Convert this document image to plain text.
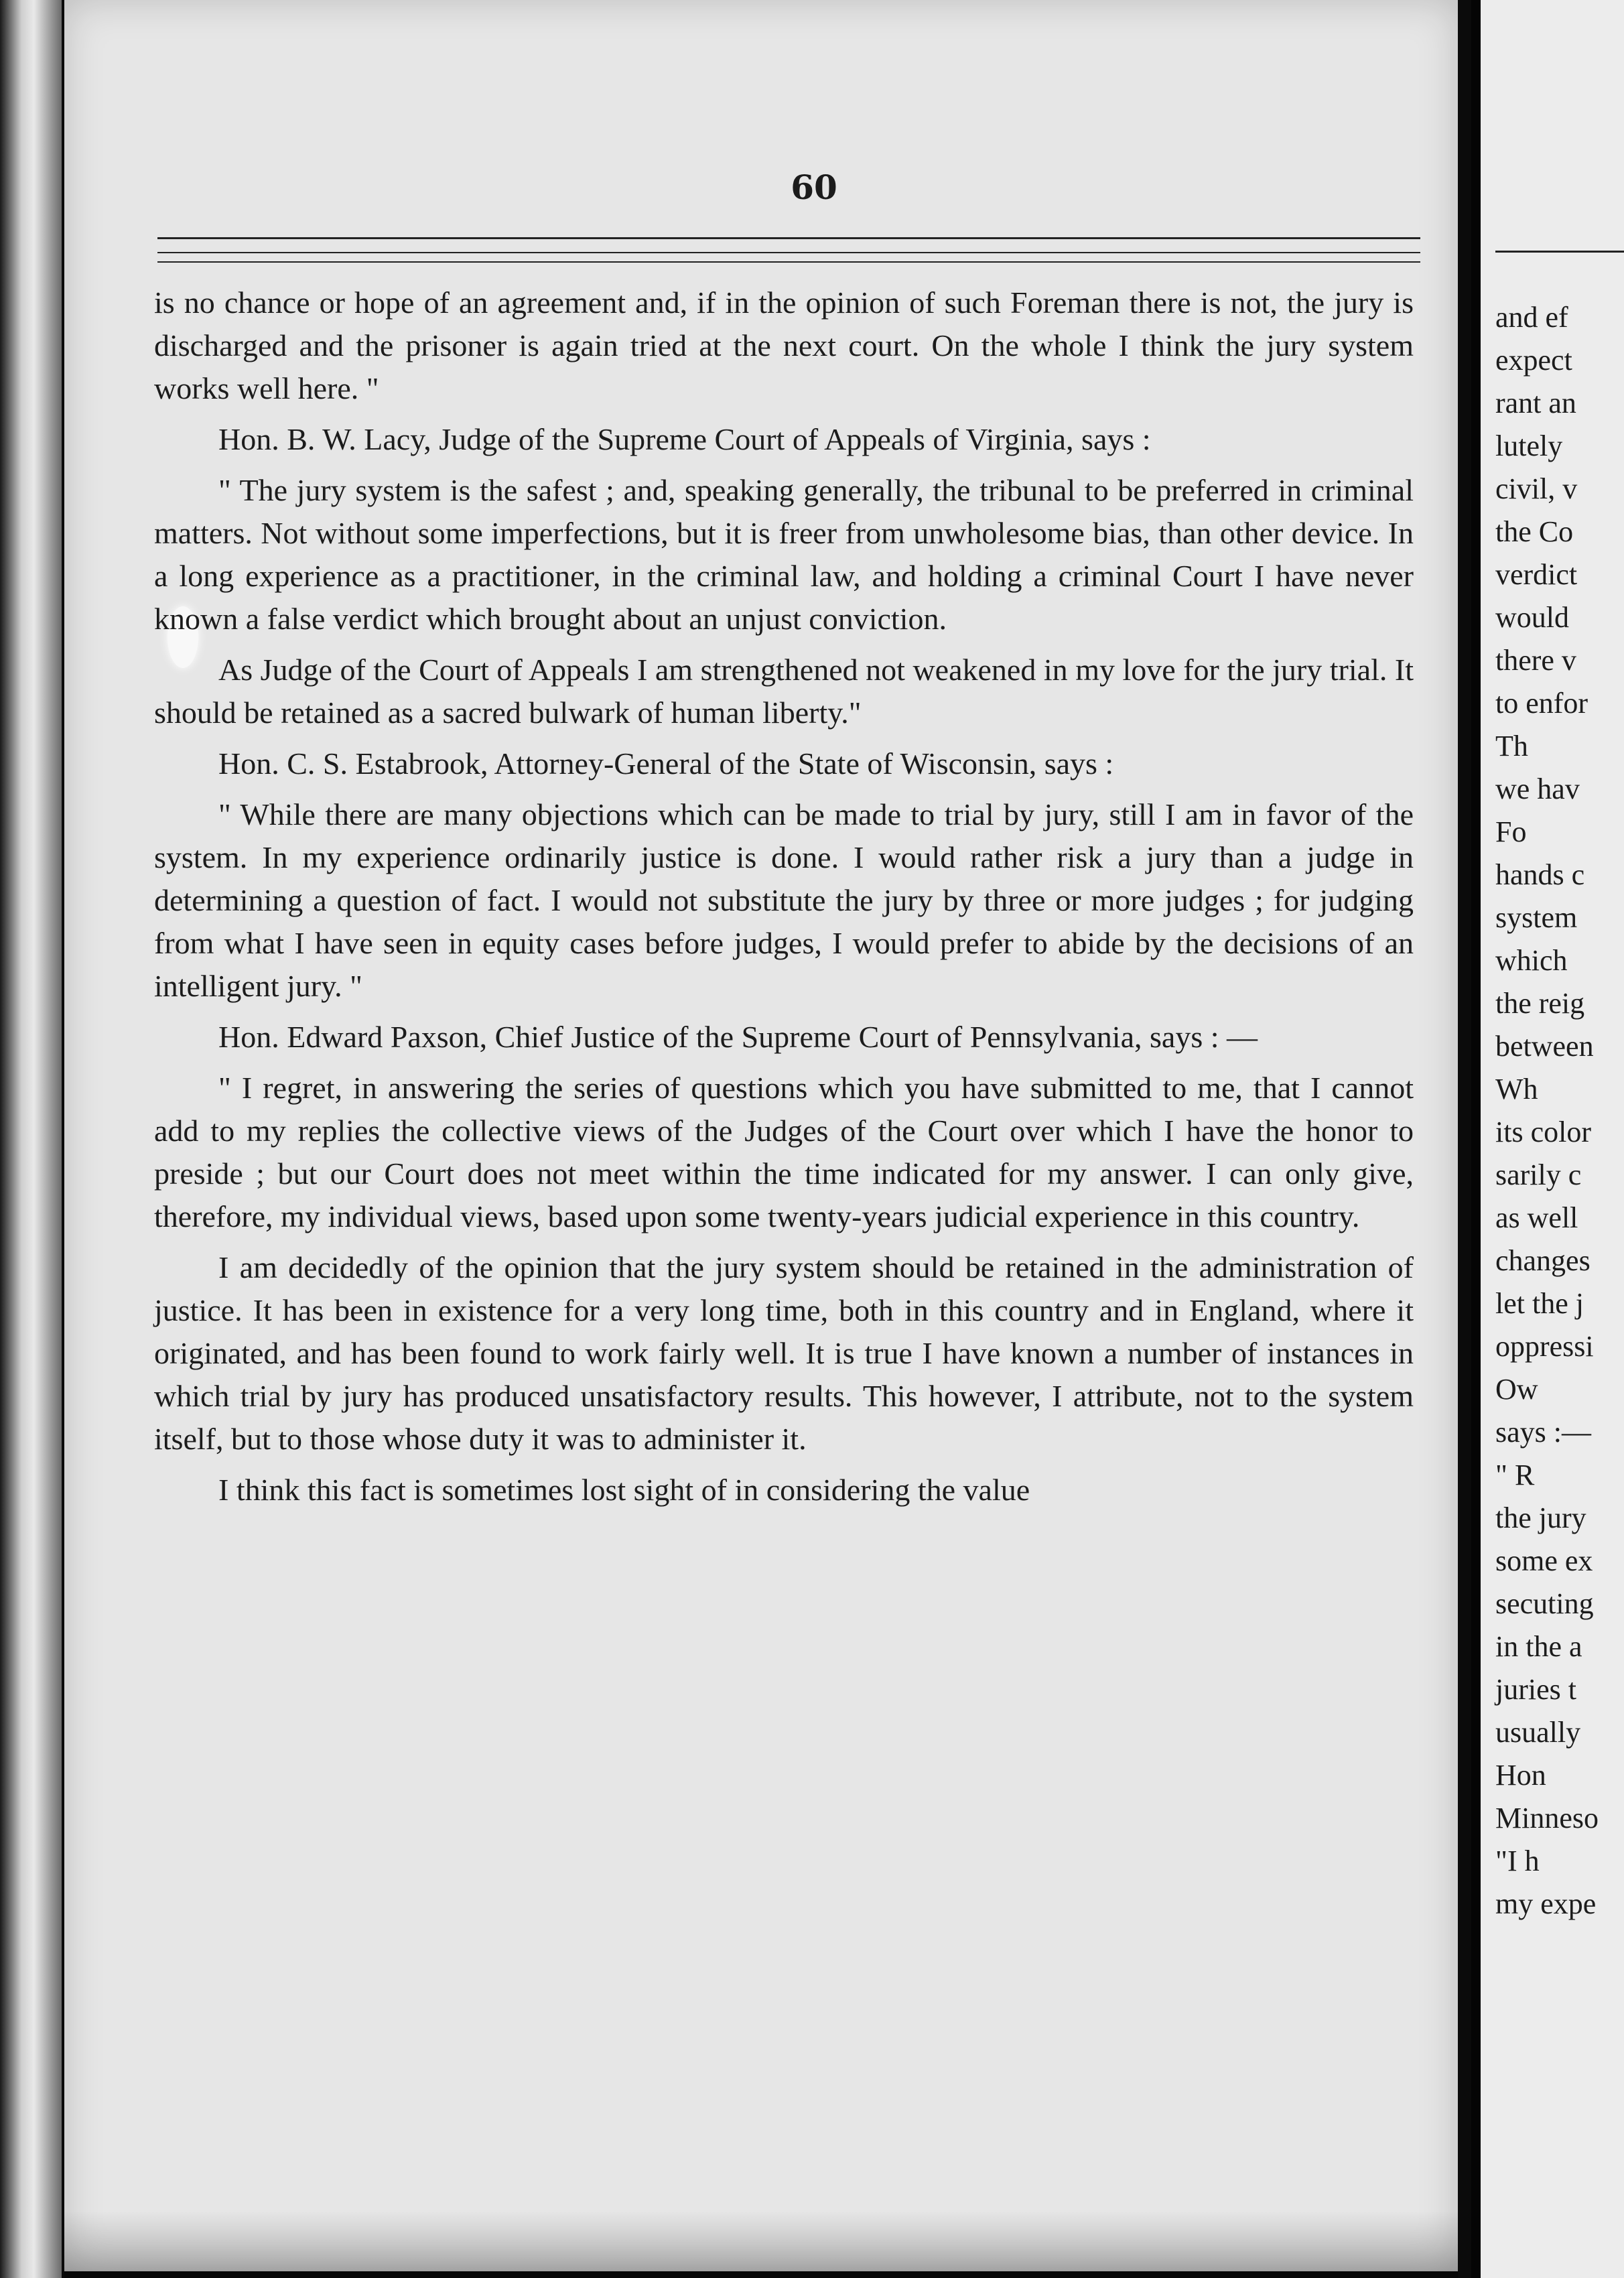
60

is no chance or hope of an agreement and, if in the opinion of such Foreman there is not, the jury is discharged and the prisoner is again tried at the next court. On the whole I think the jury system works well here. "

Hon. B. W. Lacy, Judge of the Supreme Court of Appeals of Virginia, says :

" The jury system is the safest ; and, speaking generally, the tribunal to be preferred in criminal matters. Not without some imperfections, but it is freer from unwholesome bias, than other device. In a long experience as a practitioner, in the criminal law, and holding a criminal Court I have never known a false verdict which brought about an unjust conviction.

As Judge of the Court of Appeals I am strengthened not weakened in my love for the jury trial. It should be retained as a sacred bulwark of human liberty."

Hon. C. S. Estabrook, Attorney-General of the State of Wisconsin, says :

" While there are many objections which can be made to trial by jury, still I am in favor of the system. In my experience ordinarily justice is done. I would rather risk a jury than a judge in determining a question of fact. I would not substitute the jury by three or more judges ; for judging from what I have seen in equity cases before judges, I would prefer to abide by the decisions of an intelligent jury. "

Hon. Edward Paxson, Chief Justice of the Supreme Court of Pennsylvania, says : —

" I regret, in answering the series of questions which you have submitted to me, that I cannot add to my replies the collective views of the Judges of the Court over which I have the honor to preside ; but our Court does not meet within the time indicated for my answer. I can only give, therefore, my individual views, based upon some twenty-years judicial experience in this country.

I am decidedly of the opinion that the jury system should be retained in the administration of justice. It has been in existence for a very long time, both in this country and in England, where it originated, and has been found to work fairly well. It is true I have known a number of instances in which trial by jury has produced unsatisfactory results. This however, I attribute, not to the system itself, but to those whose duty it was to administer it.

I think this fact is sometimes lost sight of in considering the value

and ef
expect
rant an
lutely
civil, v
the Co
verdict
would
there v
to enfor
Th
we hav
Fo
hands c
system
which
the reig
between
Wh
its color
sarily c
as well
changes
let the j
oppressi
Ow
says :—
" R
the jury
some ex
secuting
in the a
juries t
usually
Hon
Minneso
"I h
my expe
